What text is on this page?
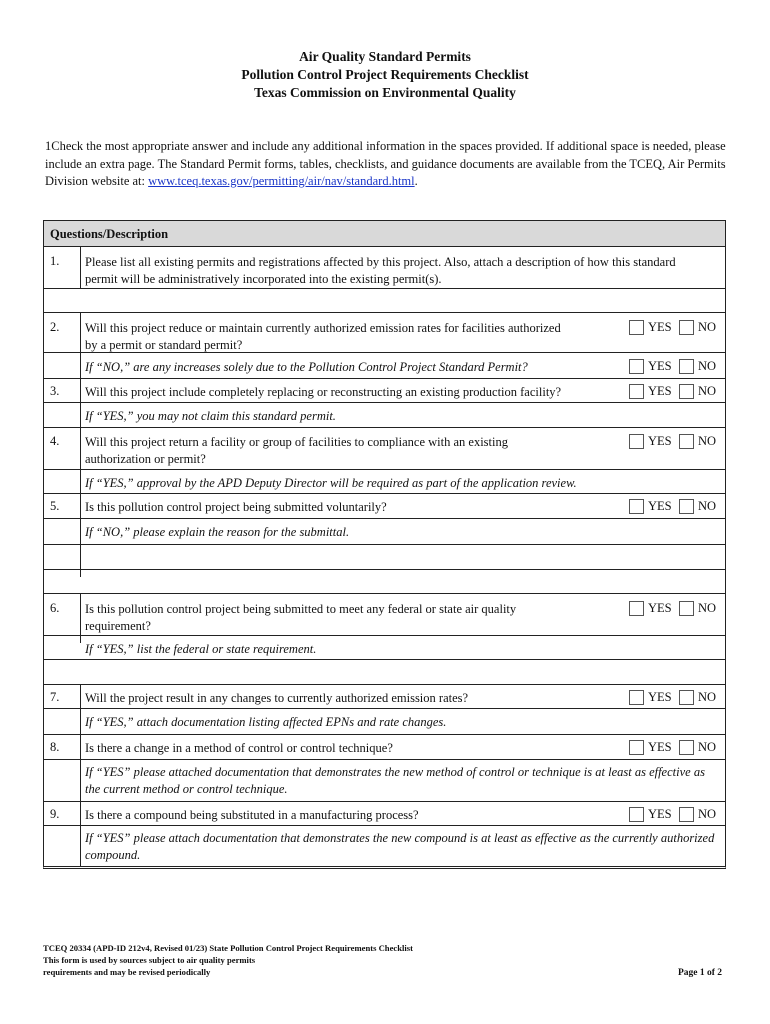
Air Quality Standard Permits
Pollution Control Project Requirements Checklist
Texas Commission on Environmental Quality
1Check the most appropriate answer and include any additional information in the spaces provided. If additional space is needed, please include an extra page. The Standard Permit forms, tables, checklists, and guidance documents are available from the TCEQ, Air Permits Division website at: www.tceq.texas.gov/permitting/air/nav/standard.html.
Questions/Description
1. Please list all existing permits and registrations affected by this project. Also, attach a description of how this standard permit will be administratively incorporated into the existing permit(s).
2. Will this project reduce or maintain currently authorized emission rates for facilities authorized by a permit or standard permit?
YES NO
If “NO,” are any increases solely due to the Pollution Control Project Standard Permit?	YES NO
3. Will this project include completely replacing or reconstructing an existing production facility?	YES NO
If “YES,” you may not claim this standard permit.
4. Will this project return a facility or group of facilities to compliance with an existing authorization or permit?
YES NO
If “YES,” approval by the APD Deputy Director will be required as part of the application review.
5. Is this pollution control project being submitted voluntarily?	YES NO
If “NO,” please explain the reason for the submittal.
6. Is this pollution control project being submitted to meet any federal or state air quality requirement?
YES NO
If “YES,” list the federal or state requirement.
7. Will the project result in any changes to currently authorized emission rates?	YES NO
If “YES,” attach documentation listing affected EPNs and rate changes.
8. Is there a change in a method of control or control technique?	YES NO
If “YES” please attached documentation that demonstrates the new method of control or technique is at least as effective as the current method or control technique.
9. Is there a compound being substituted in a manufacturing process?	YES NO
If “YES” please attach documentation that demonstrates the new compound is at least as effective as the currently authorized compound.
TCEQ 20334 (APD-ID 212v4, Revised 01/23) State Pollution Control Project Requirements Checklist
This form is used by sources subject to air quality permits
requirements and may be revised periodically	Page 1 of 2
